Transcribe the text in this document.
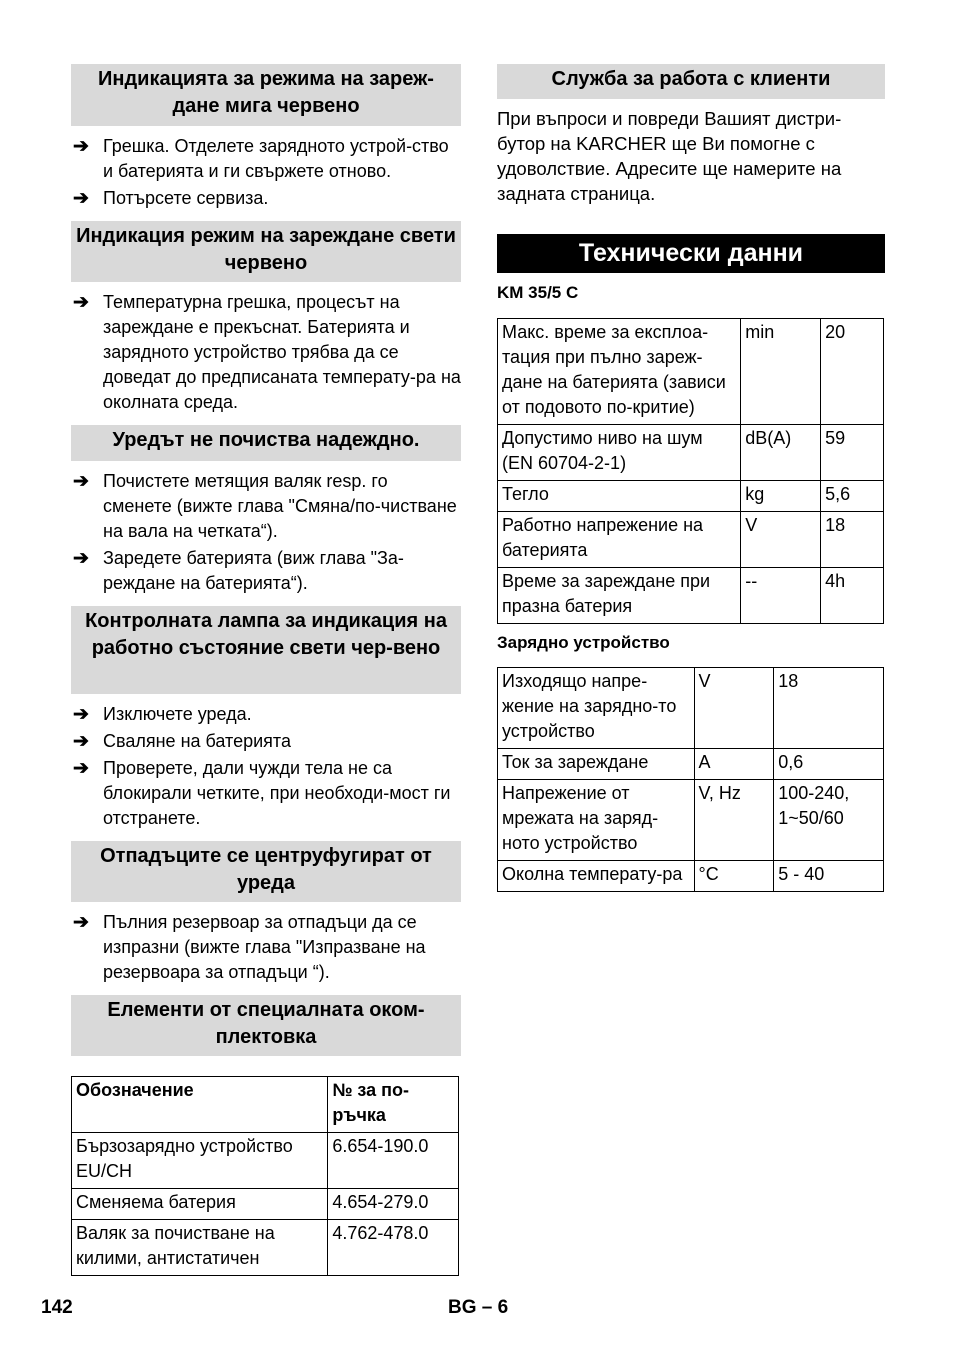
Индикацията за режима на зареж-дане мига червено
➔ Грешка. Отделете зарядното устрой-ство и батерията и ги свържете отново.
➔ Потърсете сервиза.
Индикация режим на зареждане свети червено
➔ Температурна грешка, процесът на зареждане е прекъснат. Батерията и зарядното устройство трябва да се доведат до предписаната температу-ра на околната среда.
Уредът не почиства надеждно.
➔ Почистете метящия валяк resp. го сменете (вижте глава "Смяна/по-чистване на вала на четката“).
➔ Заредете батерията (виж глава "За-реждане на батерията“).
Контролната лампа за индикация на работно състояние свети чер-вено
➔ Изключете уреда.
➔ Сваляне на батерията
➔ Проверете, дали чужди тела не са блокирали четките, при необходи-мост ги отстранете.
Отпадъците се центруфугират от уреда
➔ Пълния резервоар за отпадъци да се изпразни (вижте глава "Изпразване на резервоара за отпадъци “).
Елементи от специалната оком-плектовка
Обозначение	№ за по-ръчка
Бързозарядно устройство EU/CH	6.654-190.0
Сменяема батерия	4.654-279.0
Валяк за почистване на килими, антистатичен	4.762-478.0
Служба за работа с клиенти
При въпроси и повреди Вашият дистри-бутор на KARCHER ще Ви помогне с удоволствие. Адресите ще намерите на задната страница.
Технически данни
KM 35/5 C
Макс. време за експлоа-тация при пълно зареж-дане на батерията (зависи от подовото по-критие)	min	20
Допустимо ниво на шум (EN 60704-2-1)	dB(A)	59
Тегло	kg	5,6
Работно напрежение на батерията	V	18
Време за зареждане при празна батерия	--	4h
Зарядно устройство
Изходящо напре-жение на зарядно-то устройство	V	18
Ток за зареждане	A	0,6
Напрежение от мрежата на заряд-ното устройство	V, Hz	100-240, 1~50/60
Околна температу-ра	°C	5 - 40
142	BG – 6
